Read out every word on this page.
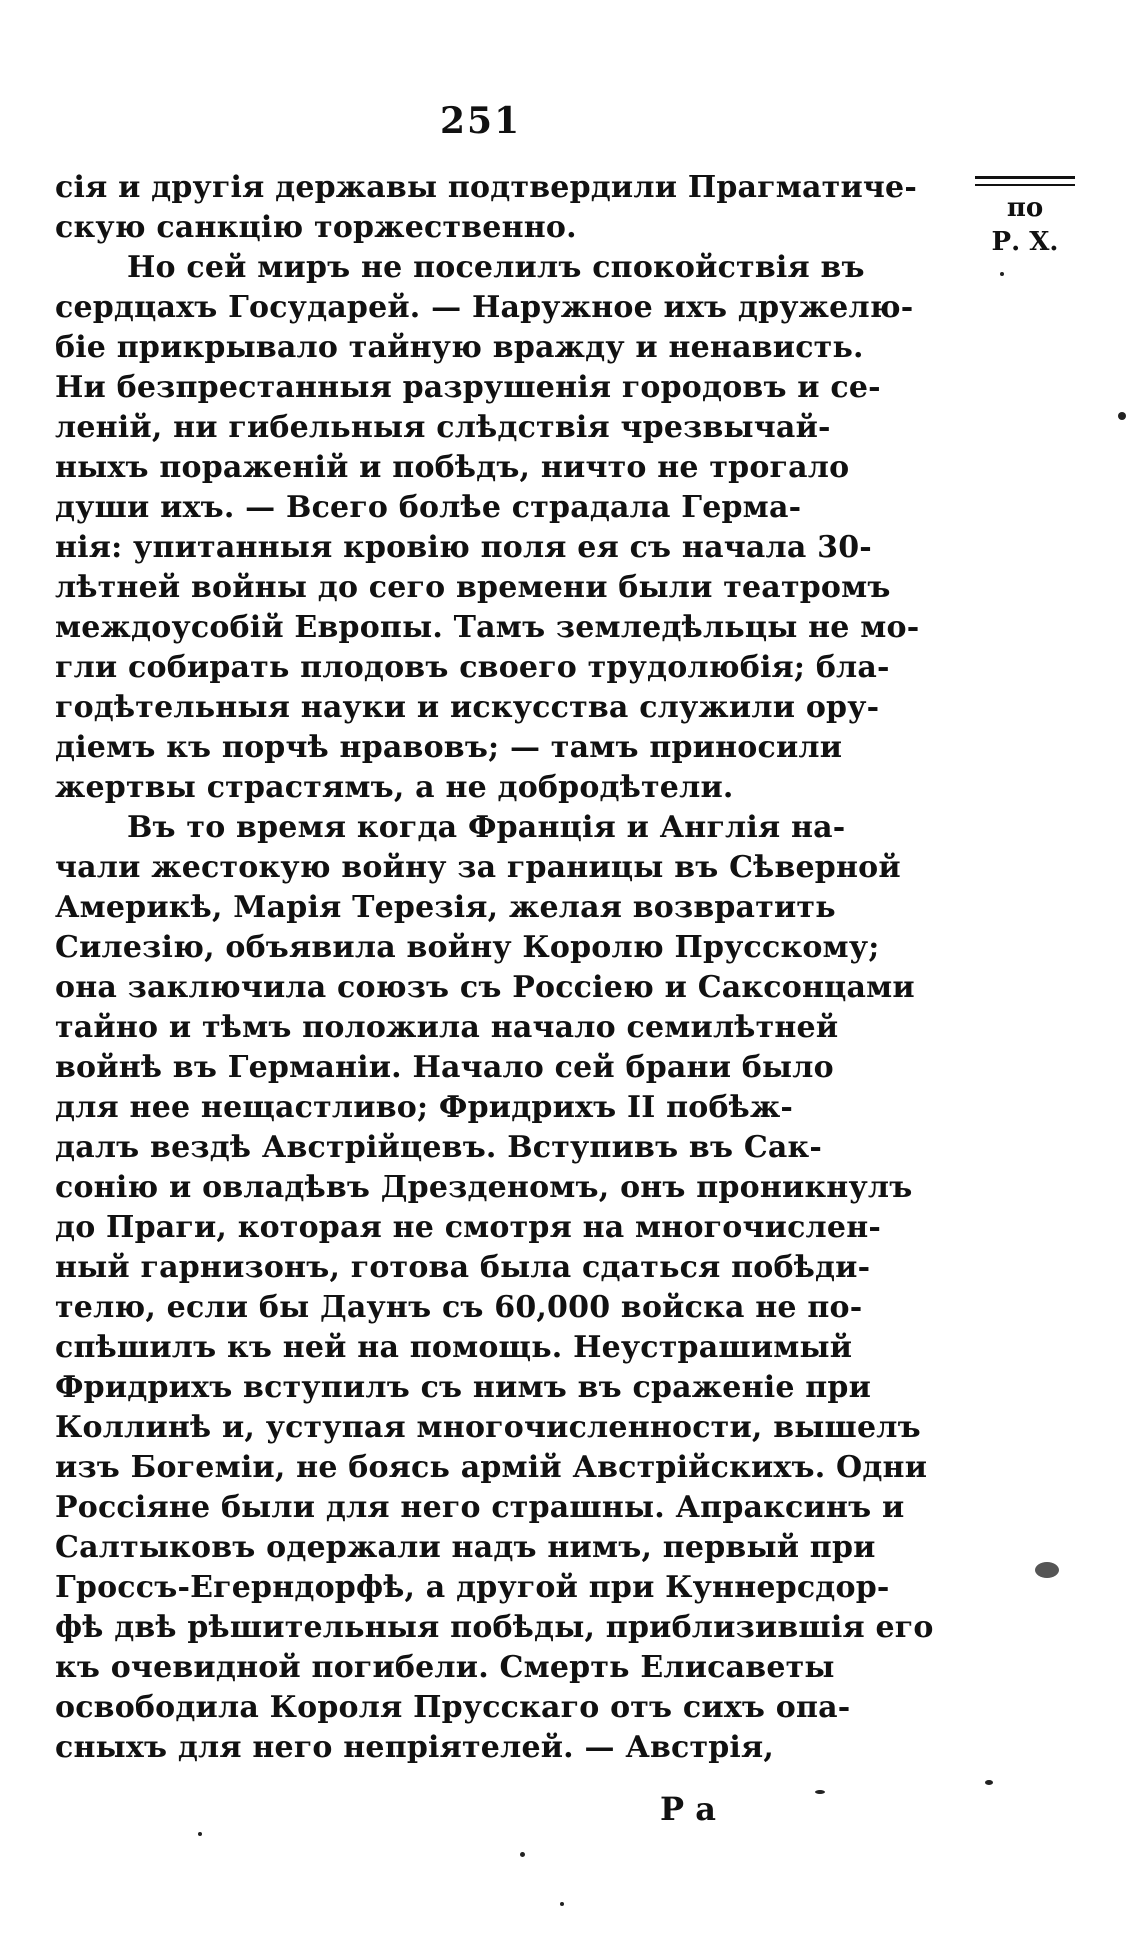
251
по
Р. Х.
сія и другія державы подтвердили Прагматиче-
скую санкцію торжественно.
Но сей миръ не поселилъ спокойствія въ
сердцахъ Государей. — Наружное ихъ дружелю-
біе прикрывало тайную вражду и ненависть.
Ни безпрестанныя разрушенія городовъ и се-
леній, ни гибельныя слѣдствія чрезвычай-
ныхъ пораженій и побѣдъ, ничто не трогало
души ихъ. — Всего болѣе страдала Герма-
нія: упитанныя кровію поля ея съ начала 30-
лѣтней войны до сего времени были театромъ
междоусобій Европы. Тамъ земледѣльцы не мо-
гли собирать плодовъ своего трудолюбія; бла-
годѣтельныя науки и искусства служили ору-
діемъ къ порчѣ нравовъ; — тамъ приносили
жертвы страстямъ, а не добродѣтели.
Въ то время когда Франція и Англія на-
чали жестокую войну за границы въ Сѣверной
Америкѣ, Марія Терезія, желая возвратить
Силезію, объявила войну Королю Прусскому;
она заключила союзъ съ Россіею и Саксонцами
тайно и тѣмъ положила начало семилѣтней
войнѣ въ Германіи. Начало сей брани было
для нее нещастливо; Фридрихъ II побѣж-
далъ вездѣ Австрійцевъ. Вступивъ въ Сак-
сонію и овладѣвъ Дрезденомъ, онъ проникнулъ
до Праги, которая не смотря на многочислен-
ный гарнизонъ, готова была сдаться побѣди-
телю, если бы Даунъ съ 60,000 войска не по-
спѣшилъ къ ней на помощь. Неустрашимый
Фридрихъ вступилъ съ нимъ въ сраженіе при
Коллинѣ и, уступая многочисленности, вышелъ
изъ Богеміи, не боясь армій Австрійскихъ. Одни
Россіяне были для него страшны. Апраксинъ и
Салтыковъ одержали надъ нимъ, первый при
Гроссъ-Егерндорфѣ, а другой при Куннерсдор-
фѣ двѣ рѣшительныя побѣды, приблизившія его
къ очевидной погибели. Смерть Елисаветы
освободила Короля Прусскаго отъ сихъ опа-
сныхъ для него непріятелей. — Австрія,
P a
